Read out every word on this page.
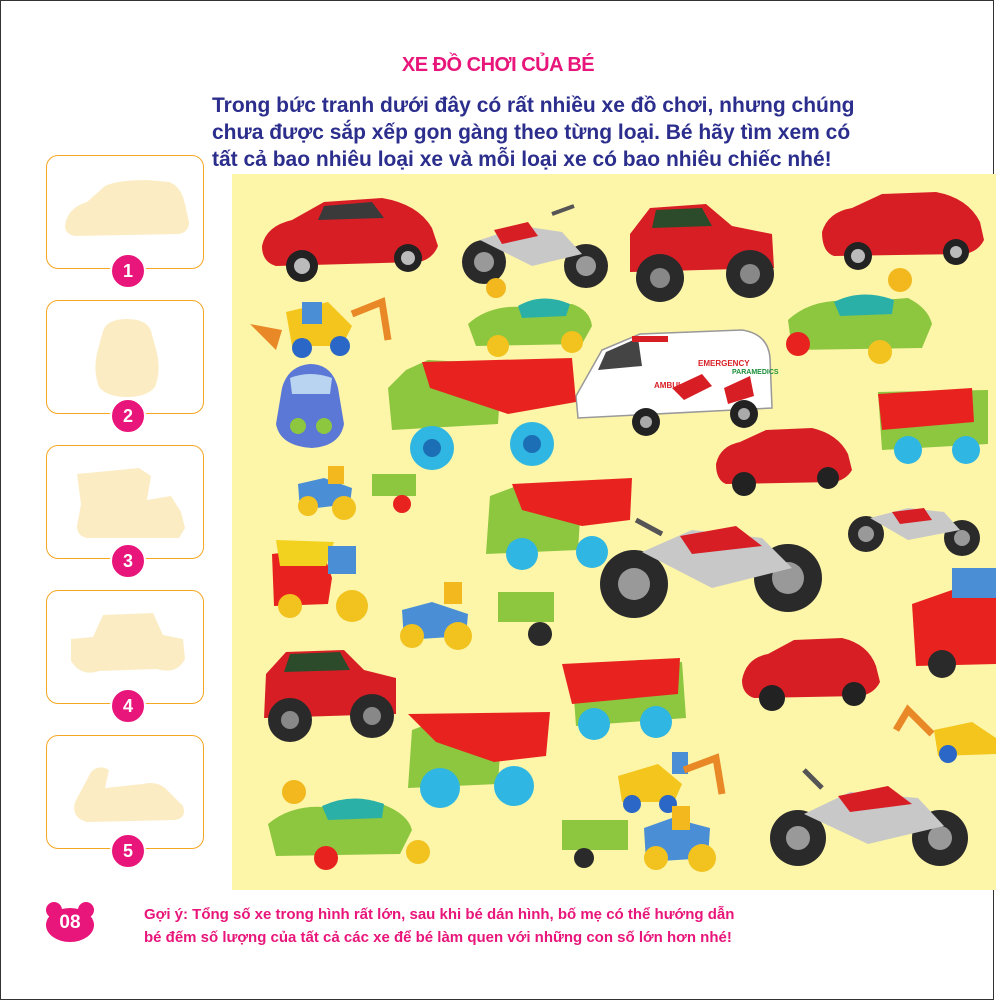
XE ĐỒ CHƠI CỦA BÉ
Trong bức tranh dưới đây có rất nhiều xe đồ chơi, nhưng chúng
chưa được sắp xếp gọn gàng theo từng loại. Bé hãy tìm xem có
tất cả bao nhiêu loại xe và mỗi loại xe có bao nhiêu chiếc nhé!
1
2
3
4
5
EMERGENCY
AMBULANCE
PARAMEDICS
08	Gợi ý: Tổng số xe trong hình rất lớn, sau khi bé dán hình, bố mẹ có thể hướng dẫn
bé đếm số lượng của tất cả các xe để bé làm quen với những con số lớn hơn nhé!
